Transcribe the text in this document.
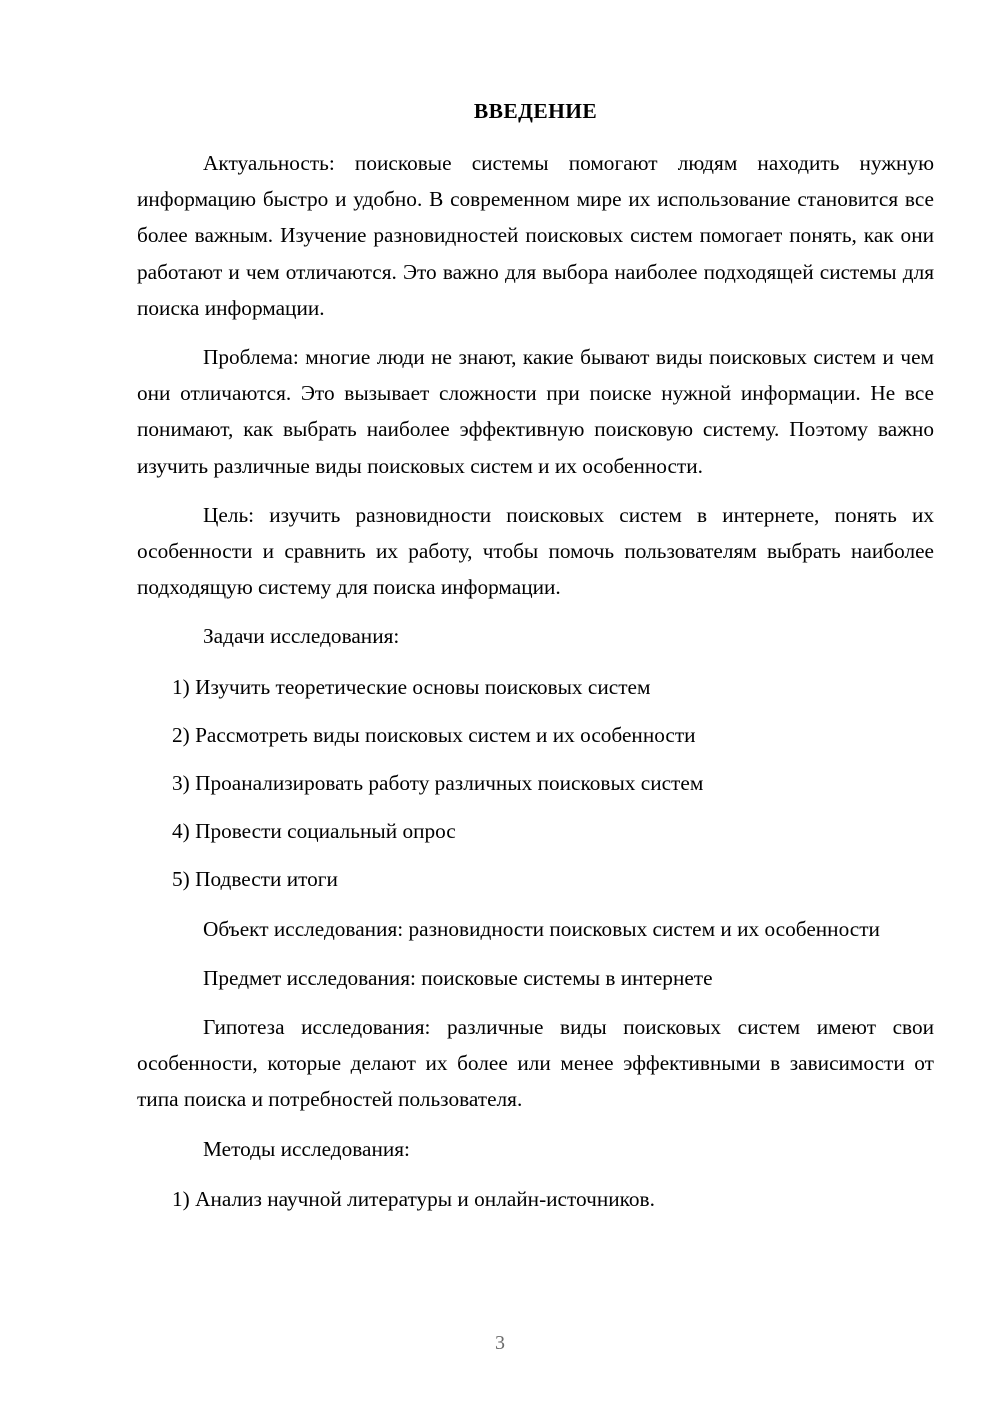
ВВЕДЕНИЕ

Актуальность: поисковые системы помогают людям находить нужную информацию быстро и удобно. В современном мире их использование становится все более важным. Изучение разновидностей поисковых систем помогает понять, как они работают и чем отличаются. Это важно для выбора наиболее подходящей системы для поиска информации.

Проблема: многие люди не знают, какие бывают виды поисковых систем и чем они отличаются. Это вызывает сложности при поиске нужной информации. Не все понимают, как выбрать наиболее эффективную поисковую систему. Поэтому важно изучить различные виды поисковых систем и их особенности.

Цель: изучить разновидности поисковых систем в интернете, понять их особенности и сравнить их работу, чтобы помочь пользователям выбрать наиболее подходящую систему для поиска информации.

Задачи исследования:

1) Изучить теоретические основы поисковых систем

2) Рассмотреть виды поисковых систем и их особенности

3) Проанализировать работу различных поисковых систем

4) Провести социальный опрос

5) Подвести итоги

Объект исследования: разновидности поисковых систем и их особенности

Предмет исследования: поисковые системы в интернете

Гипотеза исследования: различные виды поисковых систем имеют свои особенности, которые делают их более или менее эффективными в зависимости от типа поиска и потребностей пользователя.

Методы исследования:

1) Анализ научной литературы и онлайн-источников.

3
